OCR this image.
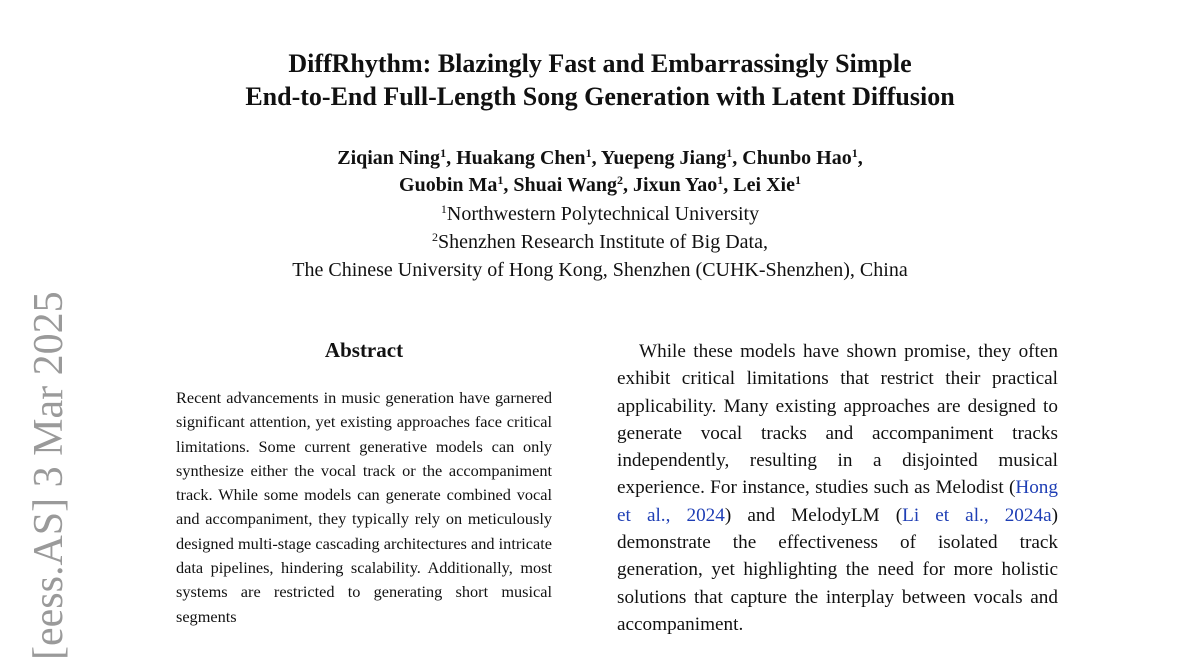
DiffRhythm: Blazingly Fast and Embarrassingly Simple
End-to-End Full-Length Song Generation with Latent Diffusion
Ziqian Ning$^1$, Huakang Chen$^1$, Yuepeng Jiang$^1$, Chunbo Hao$^1$,
Guobin Ma$^1$, Shuai Wang$^2$, Jixun Yao$^1$, Lei Xie$^1$
$^1$Northwestern Polytechnical University
$^2$Shenzhen Research Institute of Big Data,
The Chinese University of Hong Kong, Shenzhen (CUHK-Shenzhen), China
Abstract
Recent advancements in music generation have garnered significant attention, yet existing approaches face critical limitations. Some current generative models can only synthesize either the vocal track or the accompaniment track. While some models can generate combined vocal and accompaniment, they typically rely on meticulously designed multi-stage cascading architectures and intricate data pipelines, hindering scalability. Additionally, most systems are restricted to generating short musical segments

While these models have shown promise, they often exhibit critical limitations that restrict their practical applicability. Many existing approaches are designed to generate vocal tracks and accompaniment tracks independently, resulting in a disjointed musical experience. For instance, studies such as Melodist (Hong et al., 2024) and MelodyLM (Li et al., 2024a) demonstrate the effectiveness of isolated track generation, yet highlighting the need for more holistic solutions that capture the interplay between vocals and accompaniment.

[eess.AS] 3 Mar 2025
